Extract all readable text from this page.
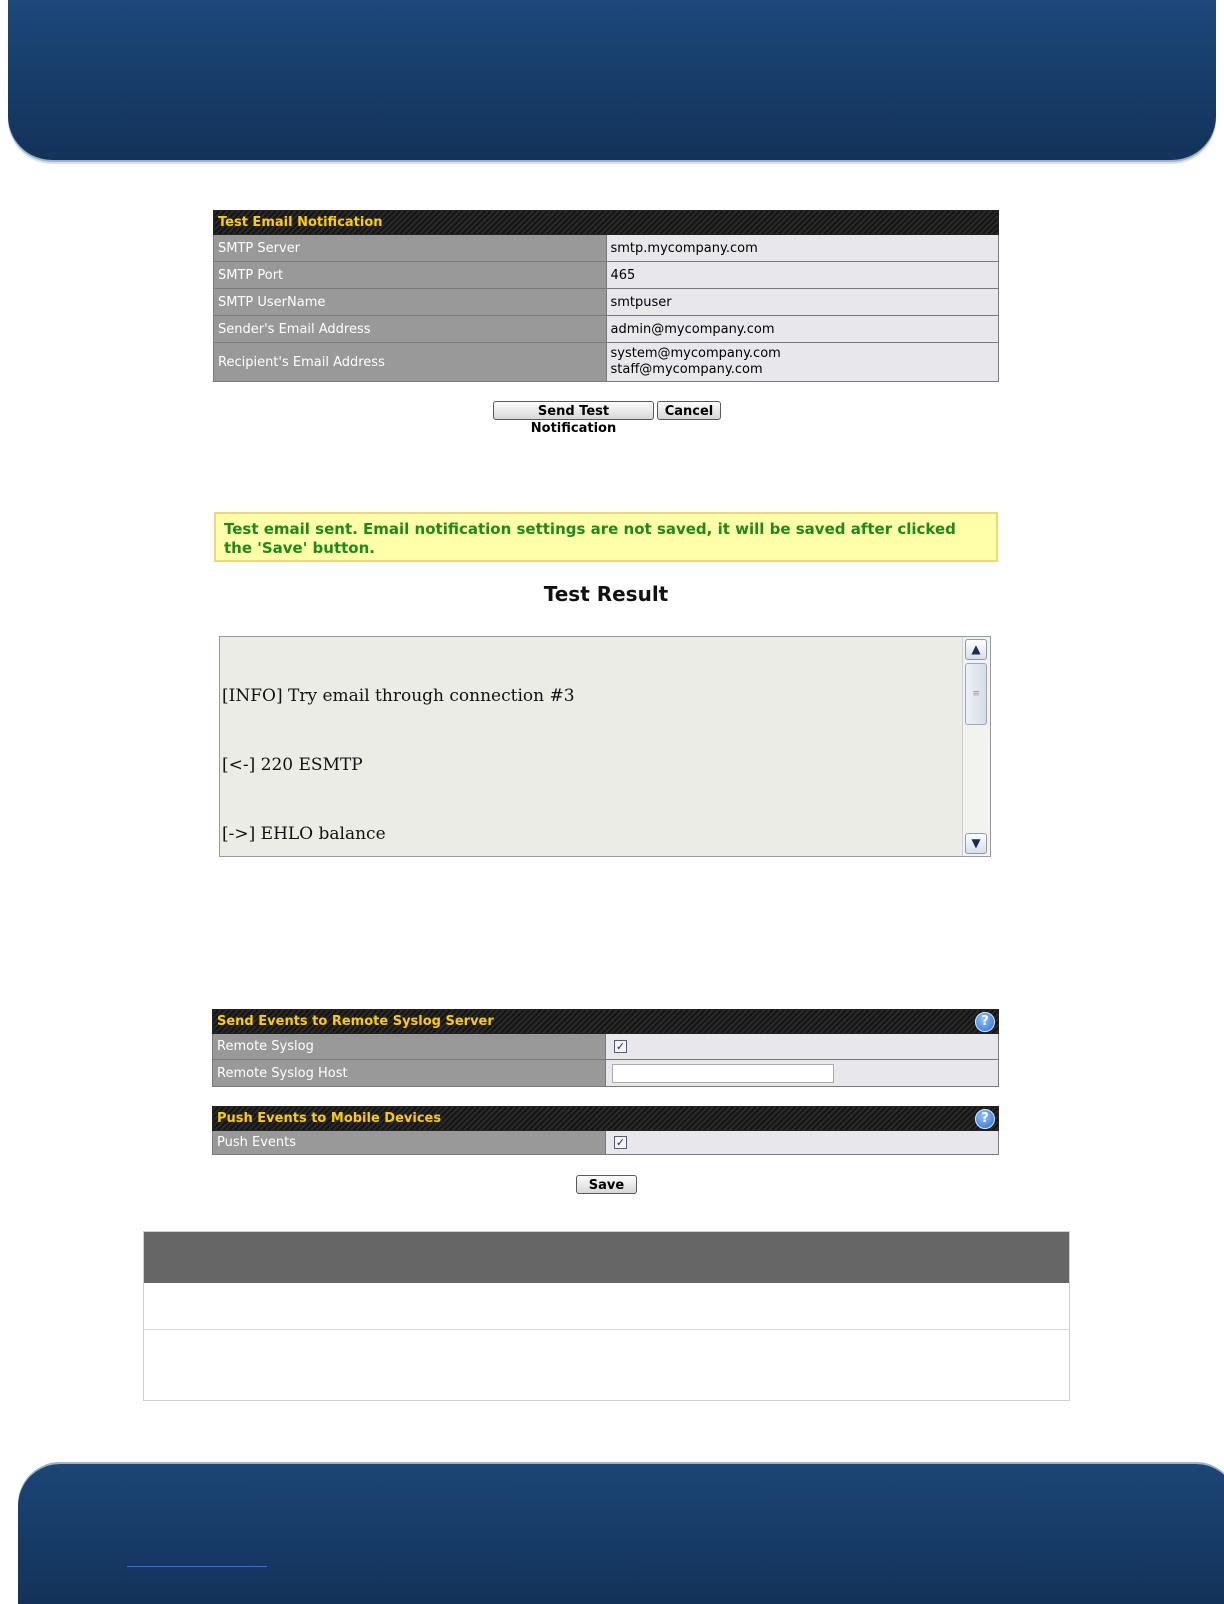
Test Email Notification	
SMTP Server	smtp.mycompany.com
SMTP Port	465
SMTP UserName	smtpuser
Sender's Email Address	admin@mycompany.com
Recipient's Email Address	system@mycompany.com
staff@mycompany.com
Send Test Notification
Cancel
Test email sent. Email notification settings are not saved, it will be saved after clicked the 'Save' button.
Test Result

[INFO] Try email through connection #3

[<-] 220 ESMTP

[->] EHLO balance

▲
≡
▼
Send Events to Remote Syslog Server ?	

Remote Syslog	✓
Remote Syslog Host	
Push Events to Mobile Devices	?

Push Events	✓
Save
